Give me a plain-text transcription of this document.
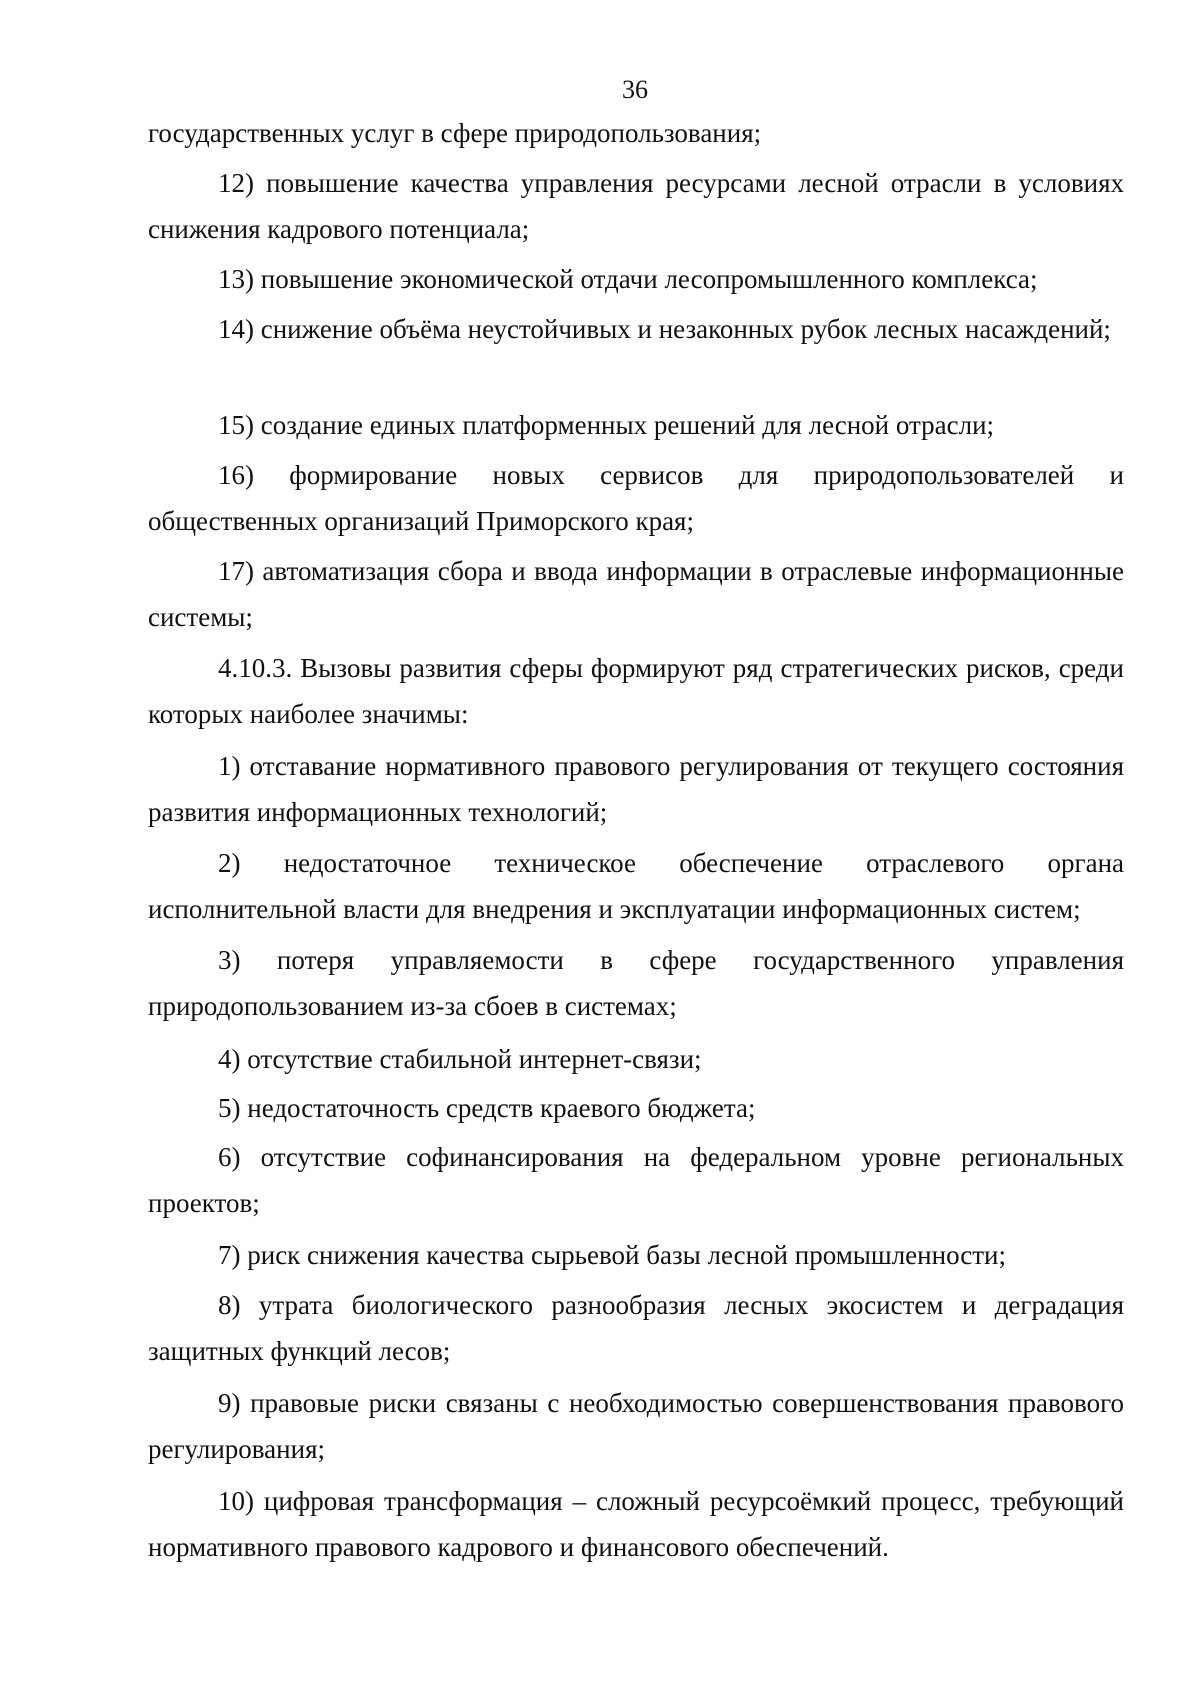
36

государственных услуг в сфере природопользования;

12) повышение качества управления ресурсами лесной отрасли в условиях снижения кадрового потенциала;

13) повышение экономической отдачи лесопромышленного комплекса;

14) снижение объёма неустойчивых и незаконных рубок лесных насаждений;

15) создание единых платформенных решений для лесной отрасли;

16) формирование новых сервисов для природопользователей и общественных организаций Приморского края;

17) автоматизация сбора и ввода информации в отраслевые информационные системы;

4.10.3. Вызовы развития сферы формируют ряд стратегических рисков, среди которых наиболее значимы:

1) отставание нормативного правового регулирования от текущего состояния развития информационных технологий;

2) недостаточное техническое обеспечение отраслевого органа исполнительной власти для внедрения и эксплуатации информационных систем;

3) потеря управляемости в сфере государственного управления природопользованием из-за сбоев в системах;

4) отсутствие стабильной интернет-связи;

5) недостаточность средств краевого бюджета;

6) отсутствие софинансирования на федеральном уровне региональных проектов;

7) риск снижения качества сырьевой базы лесной промышленности;

8) утрата биологического разнообразия лесных экосистем и деградация защитных функций лесов;

9) правовые риски связаны с необходимостью совершенствования правового регулирования;

10) цифровая трансформация – сложный ресурсоёмкий процесс, требующий нормативного правового кадрового и финансового обеспечений.
